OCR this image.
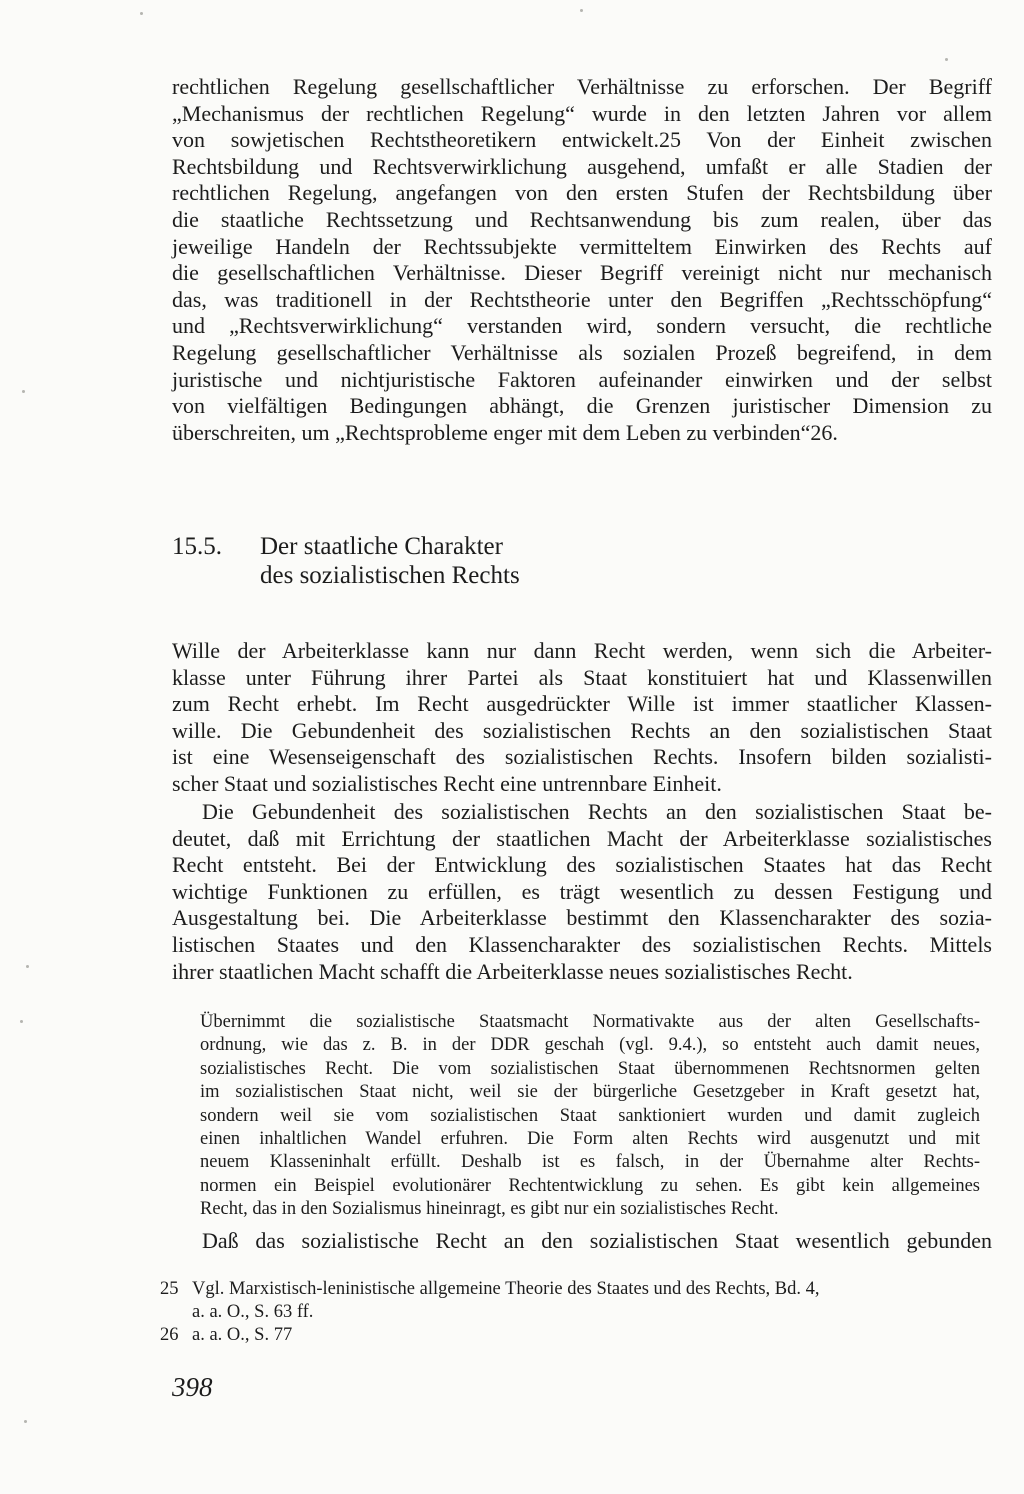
rechtlichen Regelung gesellschaftlicher Verhältnisse zu erforschen. Der Begriff
„Mechanismus der rechtlichen Regelung“ wurde in den letzten Jahren vor allem
von sowjetischen Rechtstheoretikern entwickelt.25 Von der Einheit zwischen
Rechtsbildung und Rechtsverwirklichung ausgehend, umfaßt er alle Stadien der
rechtlichen Regelung, angefangen von den ersten Stufen der Rechtsbildung über
die staatliche Rechtssetzung und Rechtsanwendung bis zum realen, über das
jeweilige Handeln der Rechtssubjekte vermitteltem Einwirken des Rechts auf
die gesellschaftlichen Verhältnisse. Dieser Begriff vereinigt nicht nur mechanisch
das, was traditionell in der Rechtstheorie unter den Begriffen „Rechtsschöpfung“
und „Rechtsverwirklichung“ verstanden wird, sondern versucht, die rechtliche
Regelung gesellschaftlicher Verhältnisse als sozialen Prozeß begreifend, in dem
juristische und nichtjuristische Faktoren aufeinander einwirken und der selbst
von vielfältigen Bedingungen abhängt, die Grenzen juristischer Dimension zu
überschreiten, um „Rechtsprobleme enger mit dem Leben zu verbinden“26.
15.5. Der staatliche Charakter
des sozialistischen Rechts
Wille der Arbeiterklasse kann nur dann Recht werden, wenn sich die Arbeiter-
klasse unter Führung ihrer Partei als Staat konstituiert hat und Klassenwillen
zum Recht erhebt. Im Recht ausgedrückter Wille ist immer staatlicher Klassen-
wille. Die Gebundenheit des sozialistischen Rechts an den sozialistischen Staat
ist eine Wesenseigenschaft des sozialistischen Rechts. Insofern bilden sozialisti-
scher Staat und sozialistisches Recht eine untrennbare Einheit.
Die Gebundenheit des sozialistischen Rechts an den sozialistischen Staat be-
deutet, daß mit Errichtung der staatlichen Macht der Arbeiterklasse sozialistisches
Recht entsteht. Bei der Entwicklung des sozialistischen Staates hat das Recht
wichtige Funktionen zu erfüllen, es trägt wesentlich zu dessen Festigung und
Ausgestaltung bei. Die Arbeiterklasse bestimmt den Klassencharakter des sozia-
listischen Staates und den Klassencharakter des sozialistischen Rechts. Mittels
ihrer staatlichen Macht schafft die Arbeiterklasse neues sozialistisches Recht.
Übernimmt die sozialistische Staatsmacht Normativakte aus der alten Gesellschafts-
ordnung, wie das z. B. in der DDR geschah (vgl. 9.4.), so entsteht auch damit neues,
sozialistisches Recht. Die vom sozialistischen Staat übernommenen Rechtsnormen gelten
im sozialistischen Staat nicht, weil sie der bürgerliche Gesetzgeber in Kraft gesetzt hat,
sondern weil sie vom sozialistischen Staat sanktioniert wurden und damit zugleich
einen inhaltlichen Wandel erfuhren. Die Form alten Rechts wird ausgenutzt und mit
neuem Klasseninhalt erfüllt. Deshalb ist es falsch, in der Übernahme alter Rechts-
normen ein Beispiel evolutionärer Rechtentwicklung zu sehen. Es gibt kein allgemeines
Recht, das in den Sozialismus hineinragt, es gibt nur ein sozialistisches Recht.
Daß das sozialistische Recht an den sozialistischen Staat wesentlich gebunden
25 Vgl. Marxistisch-leninistische allgemeine Theorie des Staates und des Rechts, Bd. 4,
a. a. O., S. 63 ff.
26 a. a. O., S. 77
398
